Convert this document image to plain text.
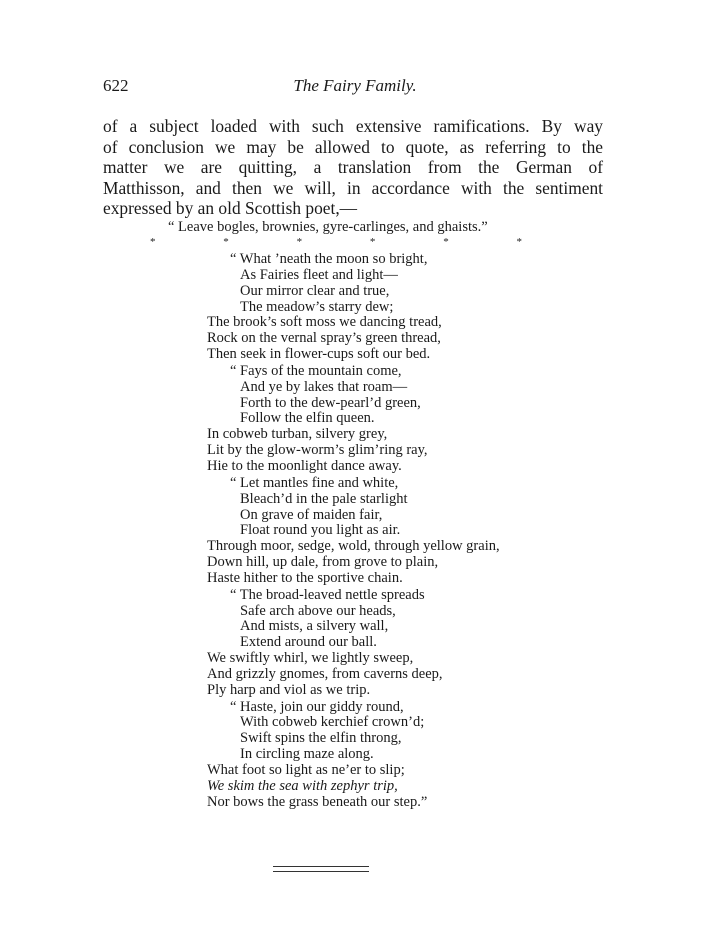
622	The Fairy Family.
of a subject loaded with such extensive ramifications. By way
of conclusion we may be allowed to quote, as referring to the
matter we are quitting, a translation from the German of
Matthisson, and then we will, in accordance with the sentiment
expressed by an old Scottish poet,—
“ Leave bogles, brownies, gyre-carlinges, and ghaists.”
*	*	*	*	*	*
“ What ’neath the moon so bright,
As Fairies fleet and light—
Our mirror clear and true,
The meadow’s starry dew;
The brook’s soft moss we dancing tread,
Rock on the vernal spray’s green thread,
Then seek in flower-cups soft our bed.
“ Fays of the mountain come,
And ye by lakes that roam—
Forth to the dew-pearl’d green,
Follow the elfin queen.
In cobweb turban, silvery grey,
Lit by the glow-worm’s glim’ring ray,
Hie to the moonlight dance away.
“ Let mantles fine and white,
Bleach’d in the pale starlight
On grave of maiden fair,
Float round you light as air.
Through moor, sedge, wold, through yellow grain,
Down hill, up dale, from grove to plain,
Haste hither to the sportive chain.
“ The broad-leaved nettle spreads
Safe arch above our heads,
And mists, a silvery wall,
Extend around our ball.
We swiftly whirl, we lightly sweep,
And grizzly gnomes, from caverns deep,
Ply harp and viol as we trip.
“ Haste, join our giddy round,
With cobweb kerchief crown’d;
Swift spins the elfin throng,
In circling maze along.
What foot so light as ne’er to slip;
We skim the sea with zephyr trip,
Nor bows the grass beneath our step.”
